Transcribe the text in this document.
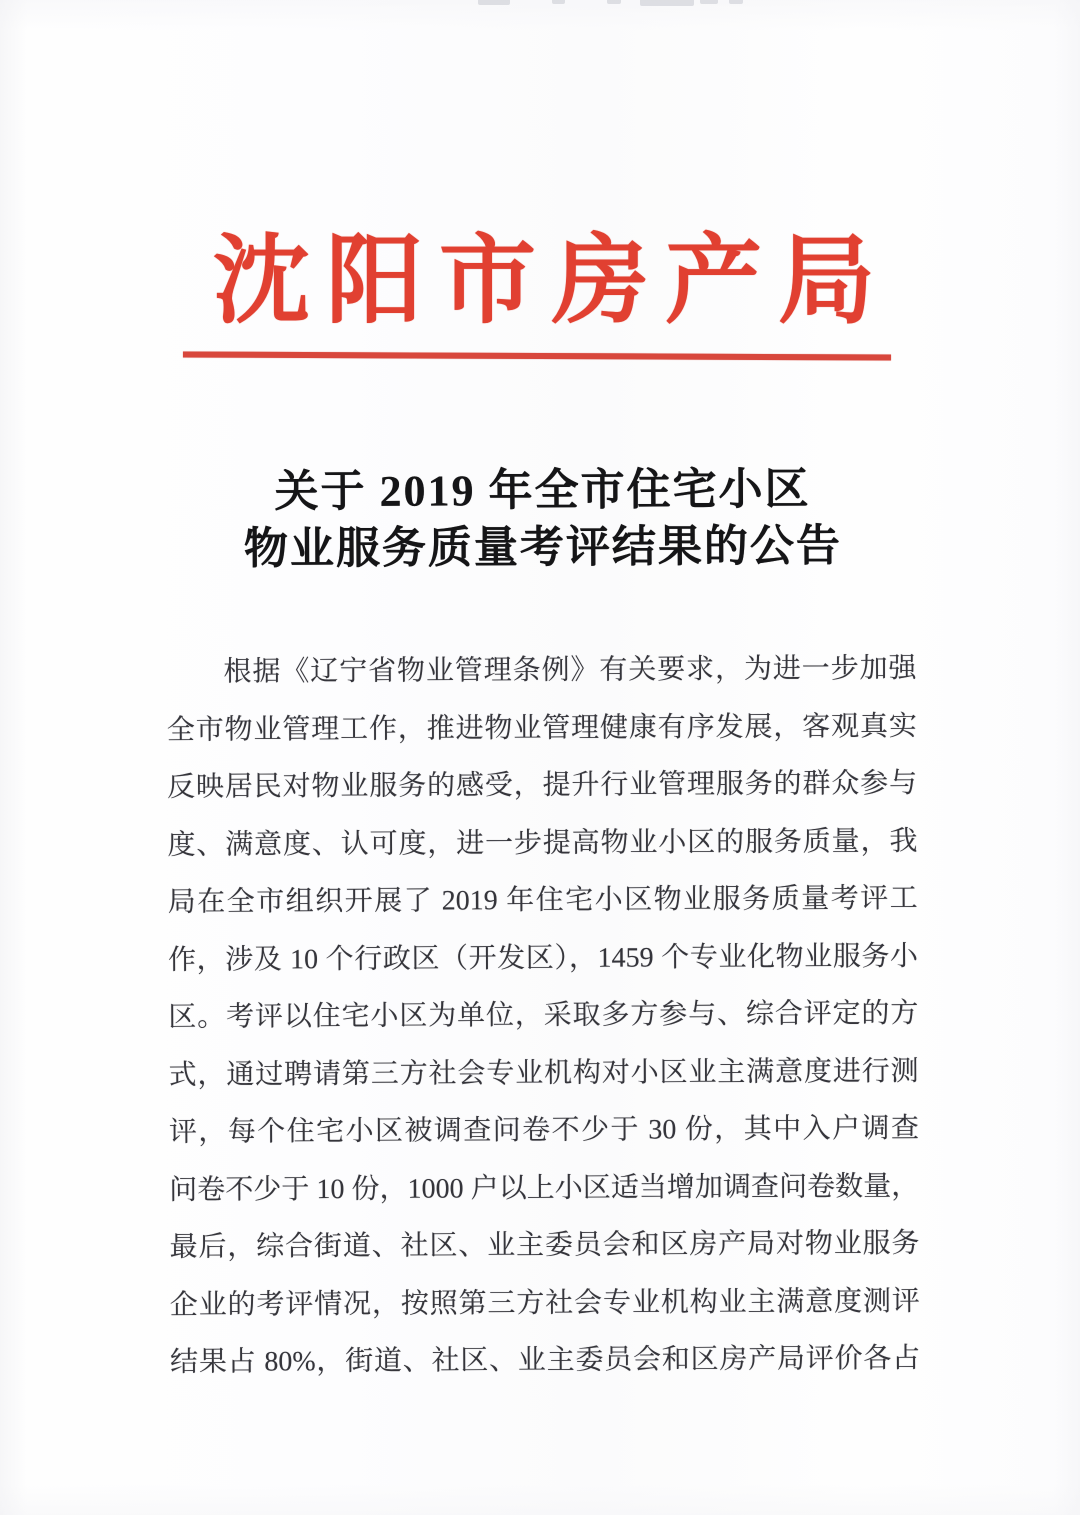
沈 阳 市 房 产 局
关于 2019 年全市住宅小区
物业服务质量考评结果的公告
根据《辽宁省物业管理条例》有关要求，为进一步加强
全市物业管理工作，推进物业管理健康有序发展，客观真实
反映居民对物业服务的感受，提升行业管理服务的群众参与
度、满意度、认可度，进一步提高物业小区的服务质量，我
局在全市组织开展了 2019 年住宅小区物业服务质量考评工
作，涉及 10 个行政区（开发区），1459 个专业化物业服务小
区。考评以住宅小区为单位，采取多方参与、综合评定的方
式，通过聘请第三方社会专业机构对小区业主满意度进行测
评，每个住宅小区被调查问卷不少于 30 份，其中入户调查
问卷不少于 10 份，1000 户以上小区适当增加调查问卷数量，
最后，综合街道、社区、业主委员会和区房产局对物业服务
企业的考评情况，按照第三方社会专业机构业主满意度测评
结果占 80%，街道、社区、业主委员会和区房产局评价各占
